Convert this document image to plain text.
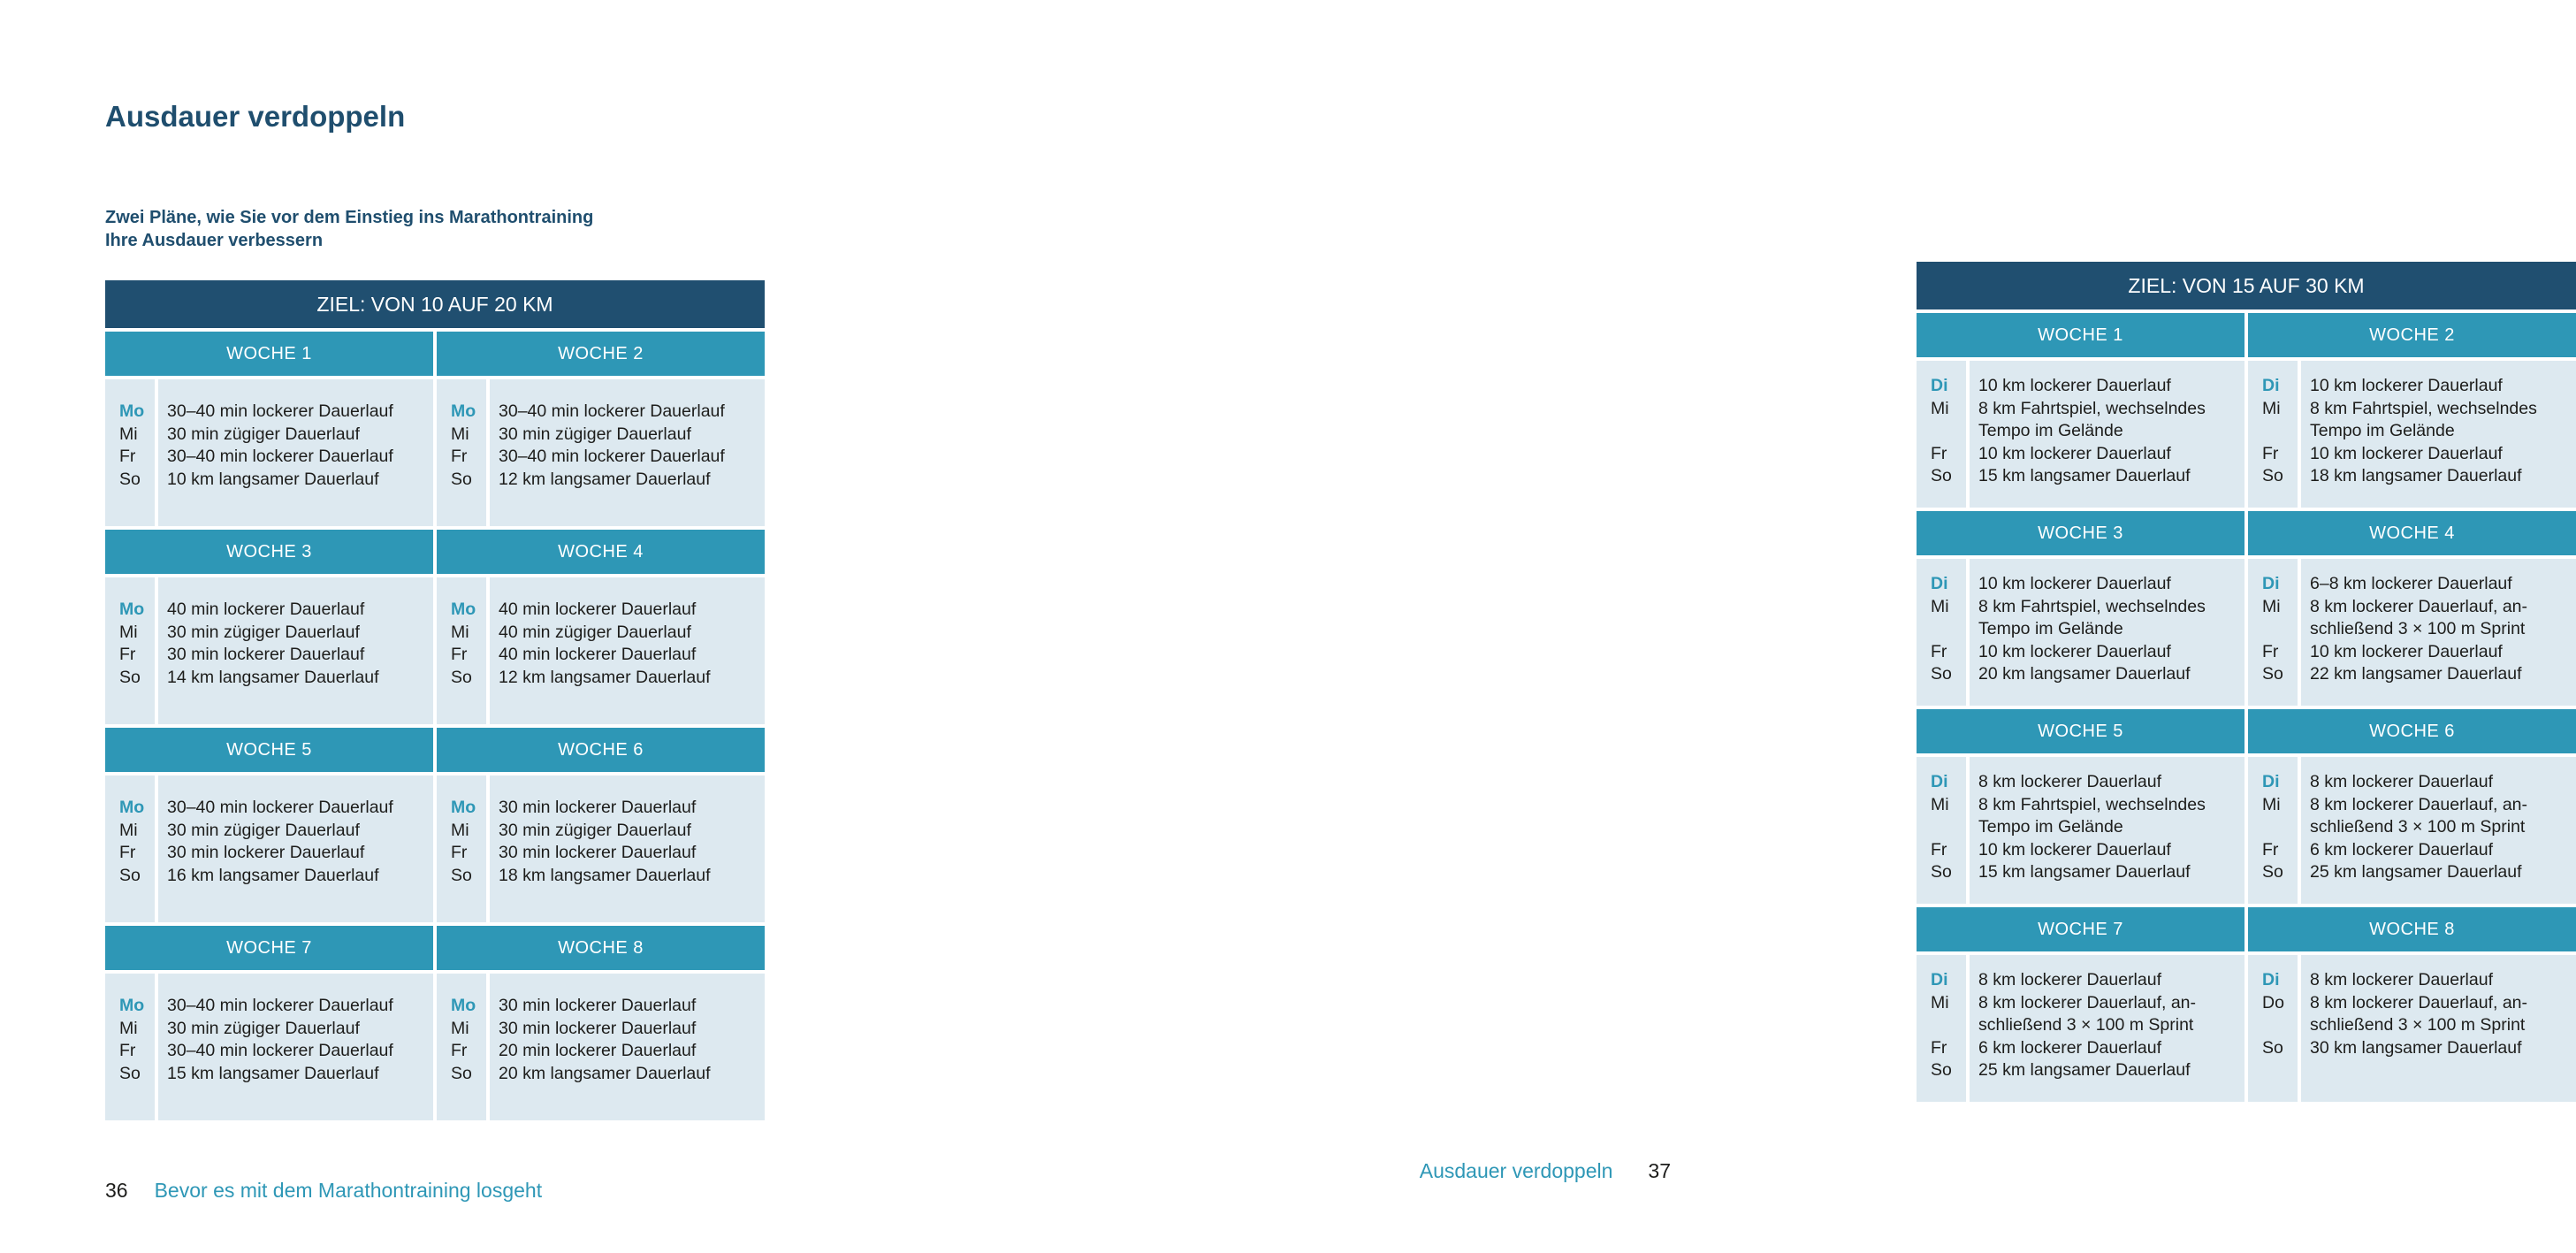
Ausdauer verdoppeln
Zwei Pläne, wie Sie vor dem Einstieg ins Marathontraining
Ihre Ausdauer verbessern
ZIEL: VON 10 AUF 20 KM
WOCHE 1
Mo
Mi
Fr
So
30–40 min lockerer Dauerlauf
30 min zügiger Dauerlauf
30–40 min lockerer Dauerlauf
10 km langsamer Dauerlauf
WOCHE 2
Mo
Mi
Fr
So
30–40 min lockerer Dauerlauf
30 min zügiger Dauerlauf
30–40 min lockerer Dauerlauf
12 km langsamer Dauerlauf
WOCHE 3
Mo
Mi
Fr
So
40 min lockerer Dauerlauf
30 min zügiger Dauerlauf
30 min lockerer Dauerlauf
14 km langsamer Dauerlauf
WOCHE 4
Mo
Mi
Fr
So
40 min lockerer Dauerlauf
40 min zügiger Dauerlauf
40 min lockerer Dauerlauf
12 km langsamer Dauerlauf
WOCHE 5
Mo
Mi
Fr
So
30–40 min lockerer Dauerlauf
30 min zügiger Dauerlauf
30 min lockerer Dauerlauf
16 km langsamer Dauerlauf
WOCHE 6
Mo
Mi
Fr
So
30 min lockerer Dauerlauf
30 min zügiger Dauerlauf
30 min lockerer Dauerlauf
18 km langsamer Dauerlauf
WOCHE 7
Mo
Mi
Fr
So
30–40 min lockerer Dauerlauf
30 min zügiger Dauerlauf
30–40 min lockerer Dauerlauf
15 km langsamer Dauerlauf
WOCHE 8
Mo
Mi
Fr
So
30 min lockerer Dauerlauf
30 min lockerer Dauerlauf
20 min lockerer Dauerlauf
20 km langsamer Dauerlauf
36 Bevor es mit dem Marathontraining losgeht
ZIEL: VON 15 AUF 30 KM
WOCHE 1
Di
Mi
Fr
So
10 km lockerer Dauerlauf
8 km Fahrtspiel, wechselndes
Tempo im Gelände
10 km lockerer Dauerlauf
15 km langsamer Dauerlauf
WOCHE 2
Di
Mi
Fr
So
10 km lockerer Dauerlauf
8 km Fahrtspiel, wechselndes
Tempo im Gelände
10 km lockerer Dauerlauf
18 km langsamer Dauerlauf
WOCHE 3
Di
Mi
Fr
So
10 km lockerer Dauerlauf
8 km Fahrtspiel, wechselndes
Tempo im Gelände
10 km lockerer Dauerlauf
20 km langsamer Dauerlauf
WOCHE 4
Di
Mi
Fr
So
6–8 km lockerer Dauerlauf
8 km lockerer Dauerlauf, an-
schließend 3 × 100 m Sprint
10 km lockerer Dauerlauf
22 km langsamer Dauerlauf
WOCHE 5
Di
Mi
Fr
So
8 km lockerer Dauerlauf
8 km Fahrtspiel, wechselndes
Tempo im Gelände
10 km lockerer Dauerlauf
15 km langsamer Dauerlauf
WOCHE 6
Di
Mi
Fr
So
8 km lockerer Dauerlauf
8 km lockerer Dauerlauf, an-
schließend 3 × 100 m Sprint
6 km lockerer Dauerlauf
25 km langsamer Dauerlauf
WOCHE 7
Di
Mi
Fr
So
8 km lockerer Dauerlauf
8 km lockerer Dauerlauf, an-
schließend 3 × 100 m Sprint
6 km lockerer Dauerlauf
25 km langsamer Dauerlauf
WOCHE 8
Di
Do
So
8 km lockerer Dauerlauf
8 km lockerer Dauerlauf, an-
schließend 3 × 100 m Sprint
30 km langsamer Dauerlauf
Ausdauer verdoppeln 37
